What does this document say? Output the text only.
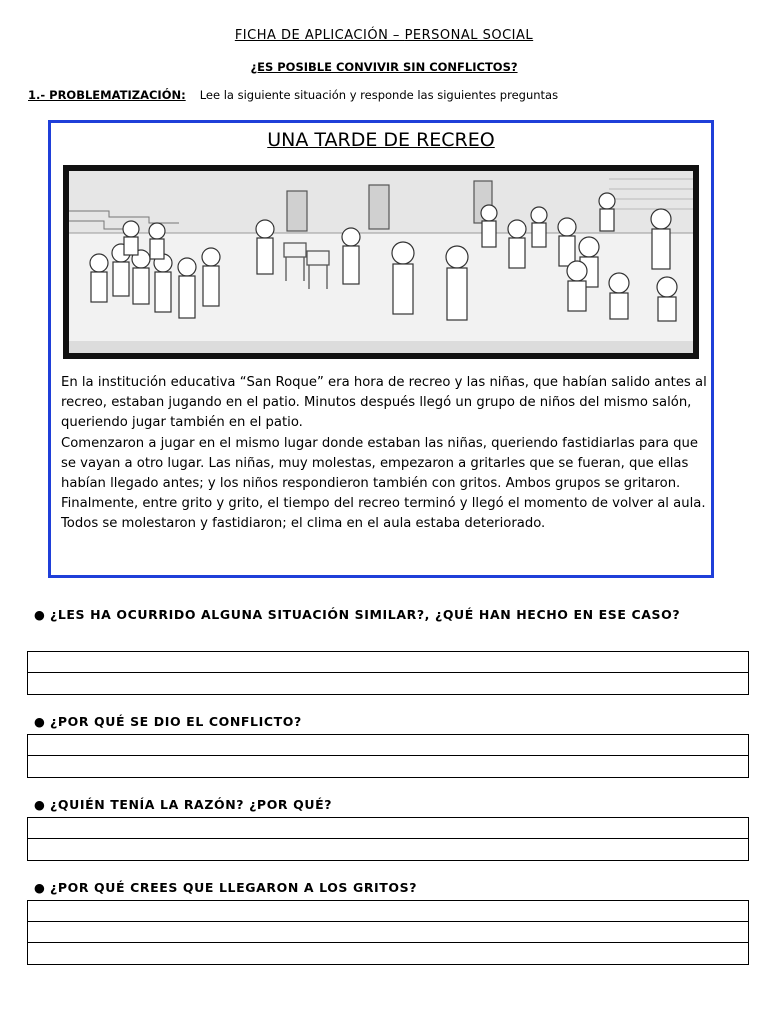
FICHA DE APLICACIÓN – PERSONAL SOCIAL
¿ES POSIBLE CONVIVIR SIN CONFLICTOS?
1.- PROBLEMATIZACIÓN: Lee la siguiente situación y responde las siguientes preguntas
UNA TARDE DE RECREO

En la institución educativa “San Roque” era hora de recreo y las niñas, que habían salido antes al recreo, estaban jugando en el patio. Minutos después llegó un grupo de niños del mismo salón, queriendo jugar también en el patio.

Comenzaron a jugar en el mismo lugar donde estaban las niñas, queriendo fastidiarlas para que se vayan a otro lugar. Las niñas, muy molestas, empezaron a gritarles que se fueran, que ellas habían llegado antes; y los niños respondieron también con gritos. Ambos grupos se gritaron. Finalmente, entre grito y grito, el tiempo del recreo terminó y llegó el momento de volver al aula. Todos se molestaron y fastidiaron; el clima en el aula estaba deteriorado.

● ¿LES HA OCURRIDO ALGUNA SITUACIÓN SIMILAR?, ¿QUÉ HAN HECHO EN ESE CASO?
● ¿POR QUÉ SE DIO EL CONFLICTO?
● ¿QUIÉN TENÍA LA RAZÓN? ¿POR QUÉ?
● ¿POR QUÉ CREES QUE LLEGARON A LOS GRITOS?
